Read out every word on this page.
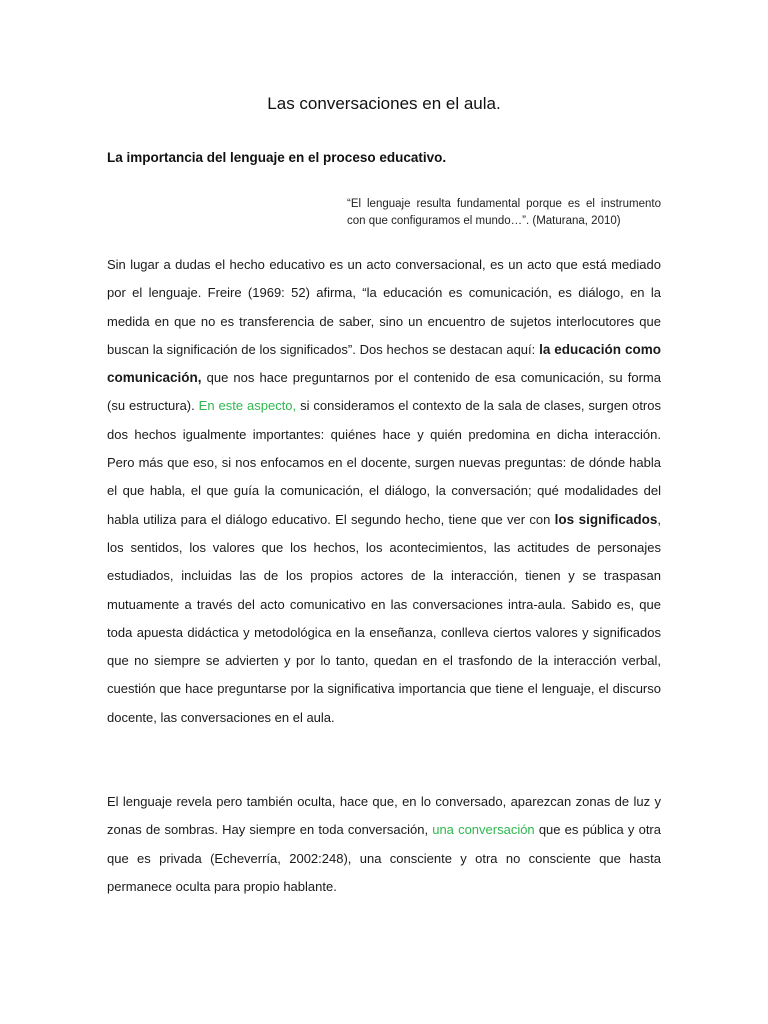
Las conversaciones en el aula.
La importancia del lenguaje en el proceso educativo.
“El lenguaje resulta fundamental porque es el instrumento con que configuramos el mundo…”. (Maturana, 2010)
Sin lugar a dudas el hecho educativo es un acto conversacional, es un acto que está mediado por el lenguaje. Freire (1969: 52) afirma, “la educación es comunicación, es diálogo, en la medida en que no es transferencia de saber, sino un encuentro de sujetos interlocutores que buscan la significación de los significados”. Dos hechos se destacan aquí: la educación como comunicación, que nos hace preguntarnos por el contenido de esa comunicación, su forma (su estructura). En este aspecto, si consideramos el contexto de la sala de clases, surgen otros dos hechos igualmente importantes: quiénes hace y quién predomina en dicha interacción. Pero más que eso, si nos enfocamos en el docente, surgen nuevas preguntas: de dónde habla el que habla, el que guía la comunicación, el diálogo, la conversación; qué modalidades del habla utiliza para el diálogo educativo. El segundo hecho, tiene que ver con los significados, los sentidos, los valores que los hechos, los acontecimientos, las actitudes de personajes estudiados, incluidas las de los propios actores de la interacción, tienen y se traspasan mutuamente a través del acto comunicativo en las conversaciones intra-aula. Sabido es, que toda apuesta didáctica y metodológica en la enseñanza, conlleva ciertos valores y significados que no siempre se advierten y por lo tanto, quedan en el trasfondo de la interacción verbal, cuestión que hace preguntarse por la significativa importancia que tiene el lenguaje, el discurso docente, las conversaciones en el aula.
El lenguaje revela pero también oculta, hace que, en lo conversado, aparezcan zonas de luz y zonas de sombras. Hay siempre en toda conversación, una conversación que es pública y otra que es privada (Echeverría, 2002:248), una consciente y otra no consciente que hasta permanece oculta para propio hablante.
